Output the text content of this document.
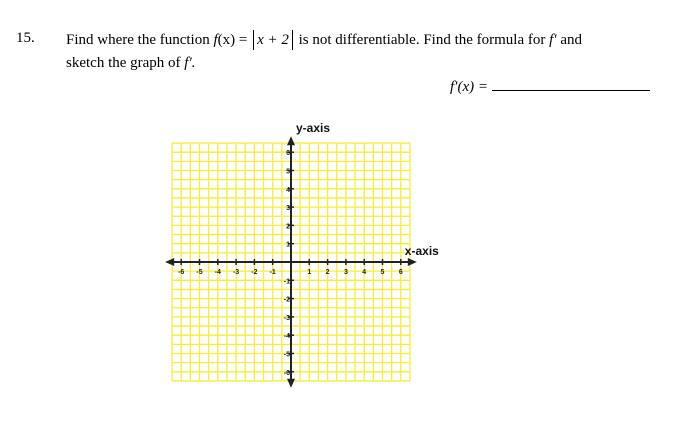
15. Find where the function f(x) = x + 2 is not differentiable. Find the formula for f′ and
sketch the graph of f′.
f′(x) =
-6 -5 -4 -3 -2 -1	1 2 3 4 5 6
6
5
4
3
2
1
-1
-2
-3
-4
-5
-6
y-axis
x-axis
